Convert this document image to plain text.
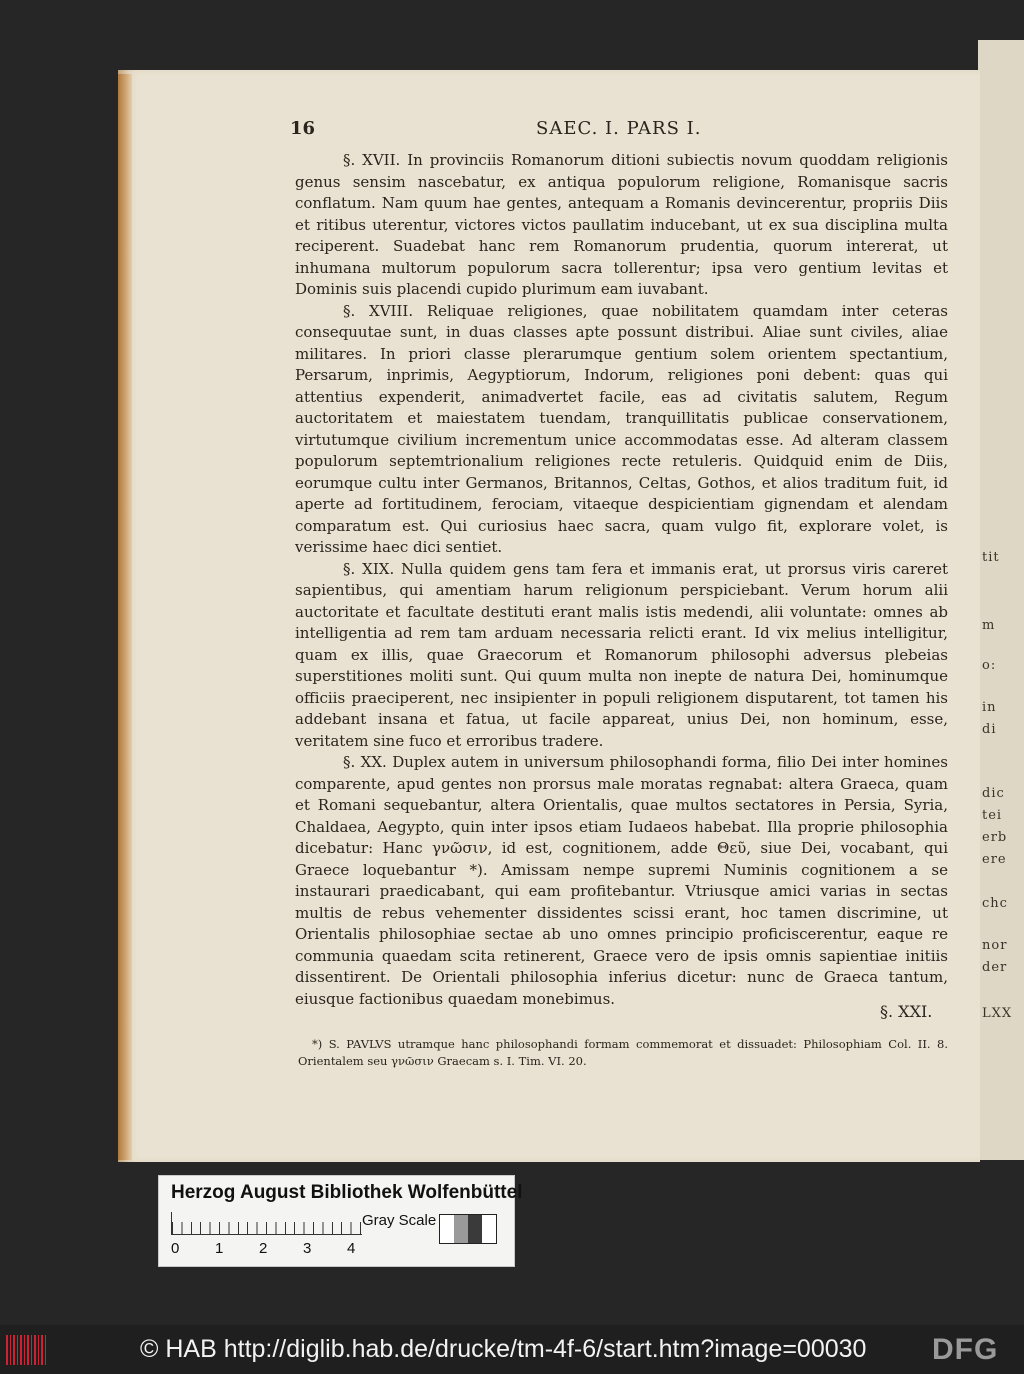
tit
m
o:
in
di
dic
tei
erb
ere
chc
nor
der
LXX
16	SAEC. I. PARS I.

§. XVII. In provinciis Romanorum ditioni subiectis novum quoddam religionis genus sensim nascebatur, ex antiqua populorum religione, Romanisque sacris conflatum. Nam quum hae gentes, antequam a Romanis devincerentur, propriis Diis et ritibus uterentur, victores victos paullatim inducebant, ut ex sua disciplina multa reciperent. Suadebat hanc rem Romanorum prudentia, quorum intererat, ut inhumana multorum populorum sacra tollerentur; ipsa vero gentium levitas et Dominis suis placendi cupido plurimum eam iuvabant.

§. XVIII. Reliquae religiones, quae nobilitatem quamdam inter ceteras consequutae sunt, in duas classes apte possunt distribui. Aliae sunt civiles, aliae militares. In priori classe plerarumque gentium solem orientem spectantium, Persarum, inprimis, Aegyptiorum, Indorum, religiones poni debent: quas qui attentius expenderit, animadvertet facile, eas ad civitatis salutem, Regum auctoritatem et maiestatem tuendam, tranquillitatis publicae conservationem, virtutumque civilium incrementum unice accommodatas esse. Ad alteram classem populorum septemtrionalium religiones recte retuleris. Quidquid enim de Diis, eorumque cultu inter Germanos, Britannos, Celtas, Gothos, et alios traditum fuit, id aperte ad fortitudinem, ferociam, vitaeque despicientiam gignendam et alendam comparatum est. Qui curiosius haec sacra, quam vulgo fit, explorare volet, is verissime haec dici sentiet.

§. XIX. Nulla quidem gens tam fera et immanis erat, ut prorsus viris careret sapientibus, qui amentiam harum religionum perspiciebant. Verum horum alii auctoritate et facultate destituti erant malis istis medendi, alii voluntate: omnes ab intelligentia ad rem tam arduam necessaria relicti erant. Id vix melius intelligitur, quam ex illis, quae Graecorum et Romanorum philosophi adversus plebeias superstitiones moliti sunt. Qui quum multa non inepte de natura Dei, hominumque officiis praeciperent, nec insipienter in populi religionem disputarent, tot tamen his addebant insana et fatua, ut facile appareat, unius Dei, non hominum, esse, veritatem sine fuco et erroribus tradere.

§. XX. Duplex autem in universum philosophandi forma, filio Dei inter homines comparente, apud gentes non prorsus male moratas regnabat: altera Graeca, quam et Romani sequebantur, altera Orientalis, quae multos sectatores in Persia, Syria, Chaldaea, Aegypto, quin inter ipsos etiam Iudaeos habebat. Illa proprie philosophia dicebatur: Hanc γνῶσιν, id est, cognitionem, adde Θεῦ, siue Dei, vocabant, qui Graece loquebantur *). Amissam nempe supremi Numinis cognitionem a se instaurari praedicabant, qui eam profitebantur. Vtriusque amici varias in sectas multis de rebus vehementer dissidentes scissi erant, hoc tamen discrimine, ut Orientalis philosophiae sectae ab uno omnes principio proficiscerentur, eaque re communia quaedam scita retinerent, Graece vero de ipsis omnis sapientiae initiis dissentirent. De Orientali philosophia inferius dicetur: nunc de Graeca tantum, eiusque factionibus quaedam monebimus.

§. XXI.

*) S. PAVLVS utramque hanc philosophandi formam commemorat et dissuadet: Philosophiam Col. II. 8. Orientalem seu γνῶσιν Graecam s. I. Tim. VI. 20.

Herzog August Bibliothek Wolfenbüttel
0 1 2 3 4
Gray Scale
© HAB http://diglib.hab.de/drucke/tm-4f-6/start.htm?image=00030 DFG
